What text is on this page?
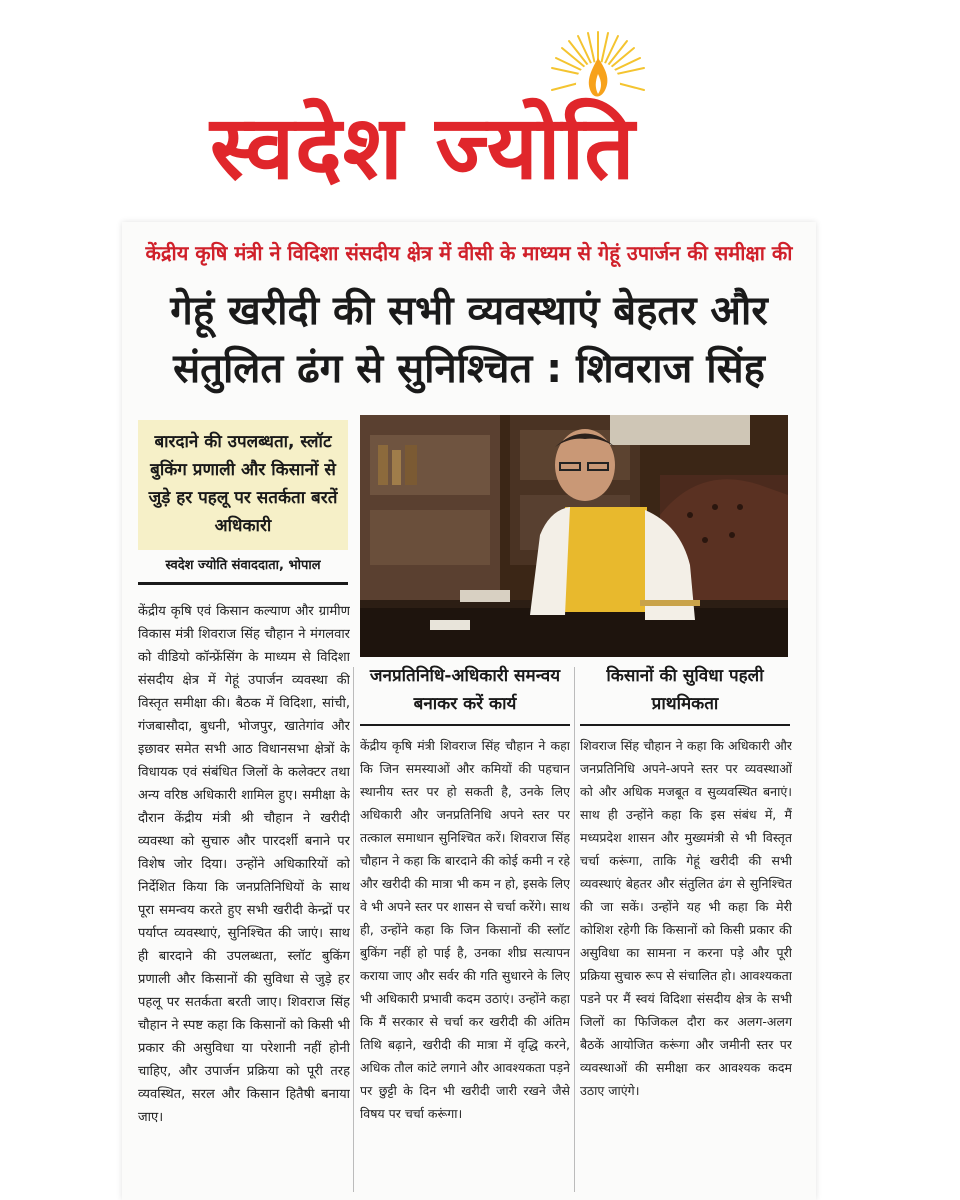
स्वदेश ज्योति
केंद्रीय कृषि मंत्री ने विदिशा संसदीय क्षेत्र में वीसी के माध्यम से गेहूं उपार्जन की समीक्षा की
गेहूं खरीदी की सभी व्यवस्थाएं बेहतर और
संतुलित ढंग से सुनिश्चित : शिवराज सिंह
बारदाने की उपलब्धता, स्लॉट बुकिंग प्रणाली और किसानों से जुड़े हर पहलू पर सतर्कता बरतें अधिकारी
स्वदेश ज्योति संवाददाता, भोपाल
केंद्रीय कृषि एवं किसान कल्याण और ग्रामीण विकास मंत्री शिवराज सिंह चौहान ने मंगलवार को वीडियो कॉन्फ्रेंसिंग के माध्यम से विदिशा संसदीय क्षेत्र में गेहूं उपार्जन व्यवस्था की विस्तृत समीक्षा की। बैठक में विदिशा, सांची, गंजबासौदा, बुधनी, भोजपुर, खातेगांव और इछावर समेत सभी आठ विधानसभा क्षेत्रों के विधायक एवं संबंधित जिलों के कलेक्टर तथा अन्य वरिष्ठ अधिकारी शामिल हुए। समीक्षा के दौरान केंद्रीय मंत्री श्री चौहान ने खरीदी व्यवस्था को सुचारु और पारदर्शी बनाने पर विशेष जोर दिया। उन्होंने अधिकारियों को निर्देशित किया कि जनप्रतिनिधियों के साथ पूरा समन्वय करते हुए सभी खरीदी केन्द्रों पर पर्याप्त व्यवस्थाएं, सुनिश्चित की जाएं। साथ ही बारदाने की उपलब्धता, स्लॉट बुकिंग प्रणाली और किसानों की सुविधा से जुड़े हर पहलू पर सतर्कता बरती जाए। शिवराज सिंह चौहान ने स्पष्ट कहा कि किसानों को किसी भी प्रकार की असुविधा या परेशानी नहीं होनी चाहिए, और उपार्जन प्रक्रिया को पूरी तरह व्यवस्थित, सरल और किसान हितैषी बनाया जाए।
जनप्रतिनिधि-अधिकारी समन्वय बनाकर करें कार्य
केंद्रीय कृषि मंत्री शिवराज सिंह चौहान ने कहा कि जिन समस्याओं और कमियों की पहचान स्थानीय स्तर पर हो सकती है, उनके लिए अधिकारी और जनप्रतिनिधि अपने स्तर पर तत्काल समाधान सुनिश्चित करें। शिवराज सिंह चौहान ने कहा कि बारदाने की कोई कमी न रहे और खरीदी की मात्रा भी कम न हो, इसके लिए वे भी अपने स्तर पर शासन से चर्चा करेंगे। साथ ही, उन्होंने कहा कि जिन किसानों की स्लॉट बुकिंग नहीं हो पाई है, उनका शीघ्र सत्यापन कराया जाए और सर्वर की गति सुधारने के लिए भी अधिकारी प्रभावी कदम उठाएं। उन्होंने कहा कि मैं सरकार से चर्चा कर खरीदी की अंतिम तिथि बढ़ाने, खरीदी की मात्रा में वृद्धि करने, अधिक तौल कांटे लगाने और आवश्यकता पड़ने पर छुट्टी के दिन भी खरीदी जारी रखने जैसे विषय पर चर्चा करूंगा।
किसानों की सुविधा पहली प्राथमिकता
शिवराज सिंह चौहान ने कहा कि अधिकारी और जनप्रतिनिधि अपने-अपने स्तर पर व्यवस्थाओं को और अधिक मजबूत व सुव्यवस्थित बनाएं। साथ ही उन्होंने कहा कि इस संबंध में, मैं मध्यप्रदेश शासन और मुख्यमंत्री से भी विस्तृत चर्चा करूंगा, ताकि गेहूं खरीदी की सभी व्यवस्थाएं बेहतर और संतुलित ढंग से सुनिश्चित की जा सकें। उन्होंने यह भी कहा कि मेरी कोशिश रहेगी कि किसानों को किसी प्रकार की असुविधा का सामना न करना पड़े और पूरी प्रक्रिया सुचारु रूप से संचालित हो। आवश्यकता पडने पर मैं स्वयं विदिशा संसदीय क्षेत्र के सभी जिलों का फिजिकल दौरा कर अलग-अलग बैठकें आयोजित करूंगा और जमीनी स्तर पर व्यवस्थाओं की समीक्षा कर आवश्यक कदम उठाए जाएंगे।
